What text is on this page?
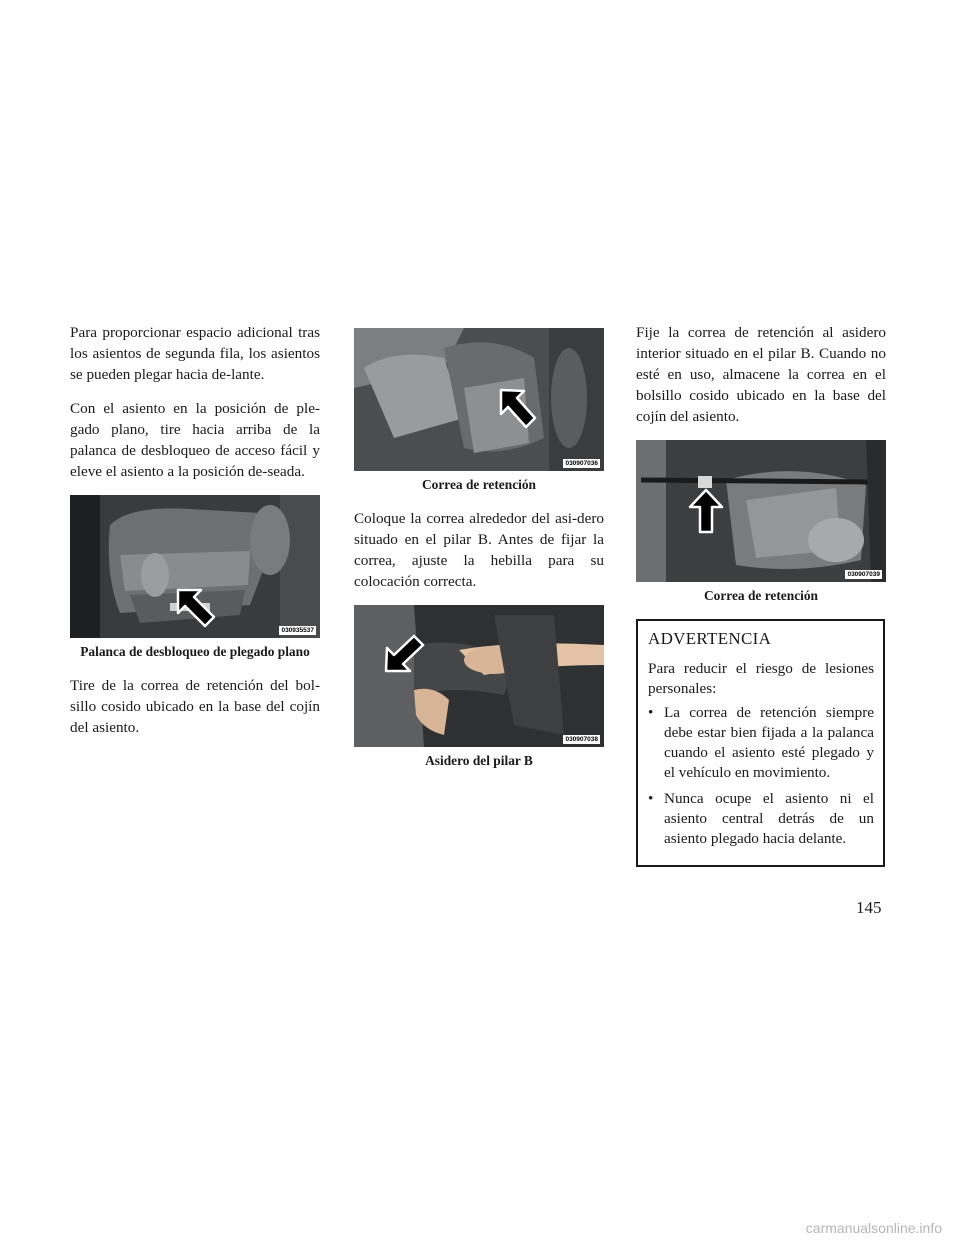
Para proporcionar espacio adicional tras los asientos de segunda fila, los asientos se pueden plegar hacia de-lante.

Con el asiento en la posición de ple-gado plano, tire hacia arriba de la palanca de desbloqueo de acceso fácil y eleve el asiento a la posición de-seada.

030935537
Palanca de desbloqueo de plegado plano

Tire de la correa de retención del bol-sillo cosido ubicado en la base del cojín del asiento.

030907036
Correa de retención

Coloque la correa alrededor del asi-dero situado en el pilar B. Antes de fijar la correa, ajuste la hebilla para su colocación correcta.

030907038
Asidero del pilar B

Fije la correa de retención al asidero interior situado en el pilar B. Cuando no esté en uso, almacene la correa en el bolsillo cosido ubicado en la base del cojín del asiento.

030907039
Correa de retención
ADVERTENCIA

Para reducir el riesgo de lesiones personales:

• La correa de retención siempre debe estar bien fijada a la palanca cuando el asiento esté plegado y el vehículo en movimiento.
• Nunca ocupe el asiento ni el asiento central detrás de un asiento plegado hacia delante.
145
carmanualsonline.info
